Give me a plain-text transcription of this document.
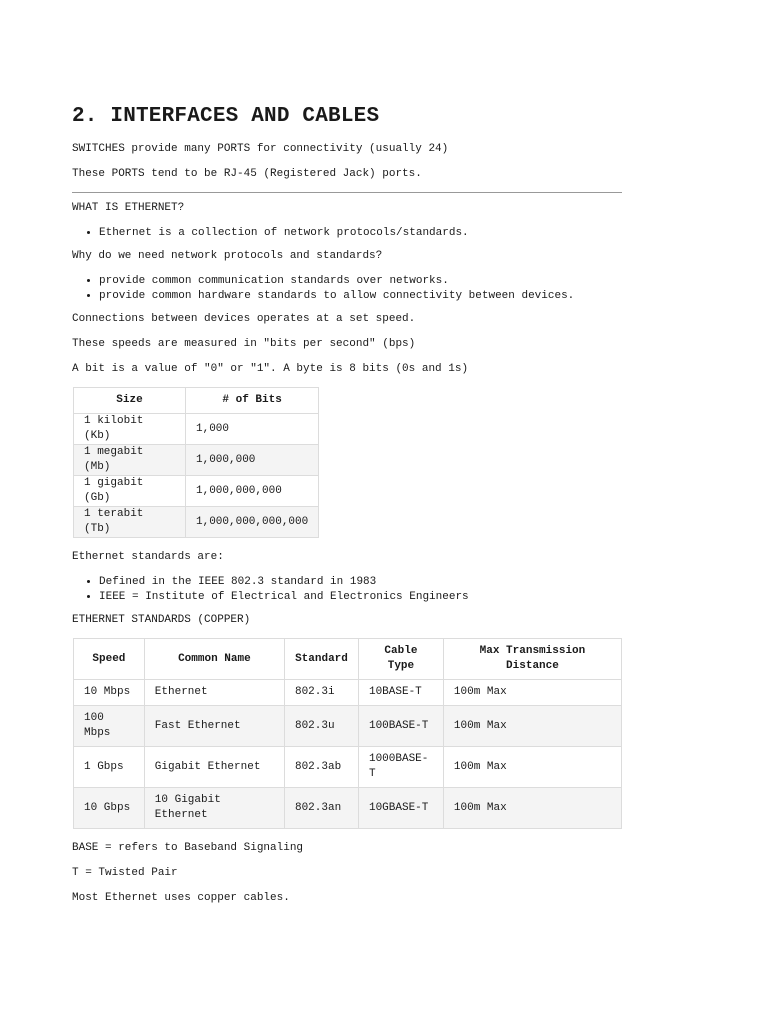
2. INTERFACES AND CABLES

SWITCHES provide many PORTS for connectivity (usually 24)

These PORTS tend to be RJ-45 (Registered Jack) ports.

WHAT IS ETHERNET?

• Ethernet is a collection of network protocols/standards.

Why do we need network protocols and standards?

• provide common communication standards over networks.
• provide common hardware standards to allow connectivity between devices.

Connections between devices operates at a set speed.

These speeds are measured in "bits per second" (bps)

A bit is a value of "0" or "1". A byte is 8 bits (0s and 1s)

Size	# of Bits
1 kilobit (Kb)	1,000
1 megabit (Mb)	1,000,000
1 gigabit (Gb)	1,000,000,000
1 terabit (Tb)	1,000,000,000,000

Ethernet standards are:

• Defined in the IEEE 802.3 standard in 1983
• IEEE = Institute of Electrical and Electronics Engineers

ETHERNET STANDARDS (COPPER)

Speed	Common Name	Standard	Cable Type	Max Transmission Distance
10 Mbps	Ethernet	802.3i	10BASE-T	100m Max
100 Mbps	Fast Ethernet	802.3u	100BASE-T	100m Max
1 Gbps	Gigabit Ethernet	802.3ab	1000BASE-T	100m Max
10 Gbps	10 Gigabit Ethernet	802.3an	10GBASE-T	100m Max

BASE = refers to Baseband Signaling

T = Twisted Pair

Most Ethernet uses copper cables.
